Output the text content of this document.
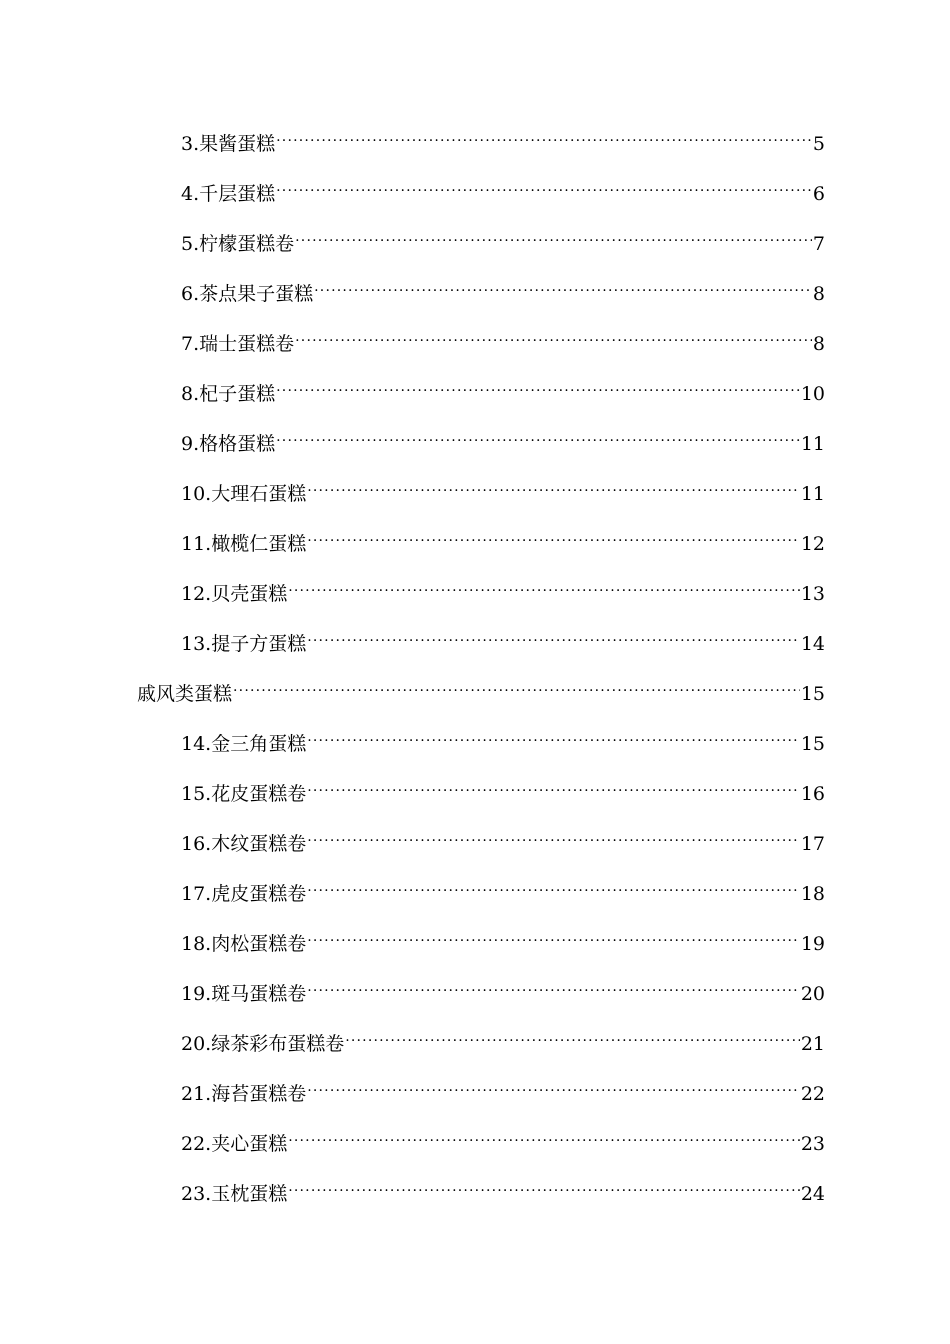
3.果酱蛋糕 .....	5
4.千层蛋糕 .....	6
5.柠檬蛋糕卷 .....	7
6.茶点果子蛋糕 .....	8
7.瑞士蛋糕卷 .....	8
8.杞子蛋糕 .....	10
9.格格蛋糕 .....	11
10.大理石蛋糕 .....	11
11.橄榄仁蛋糕 .....	12
12.贝壳蛋糕 .....	13
13.提子方蛋糕 .....	14
戚风类蛋糕 .....	15
14.金三角蛋糕 .....	15
15.花皮蛋糕卷 .....	16
16.木纹蛋糕卷 .....	17
17.虎皮蛋糕卷 .....	18
18.肉松蛋糕卷 .....	19
19.斑马蛋糕卷 .....	20
20.绿茶彩布蛋糕卷 .....	21
21.海苔蛋糕卷 .....	22
22.夹心蛋糕 .....	23
23.玉枕蛋糕 .....	24
